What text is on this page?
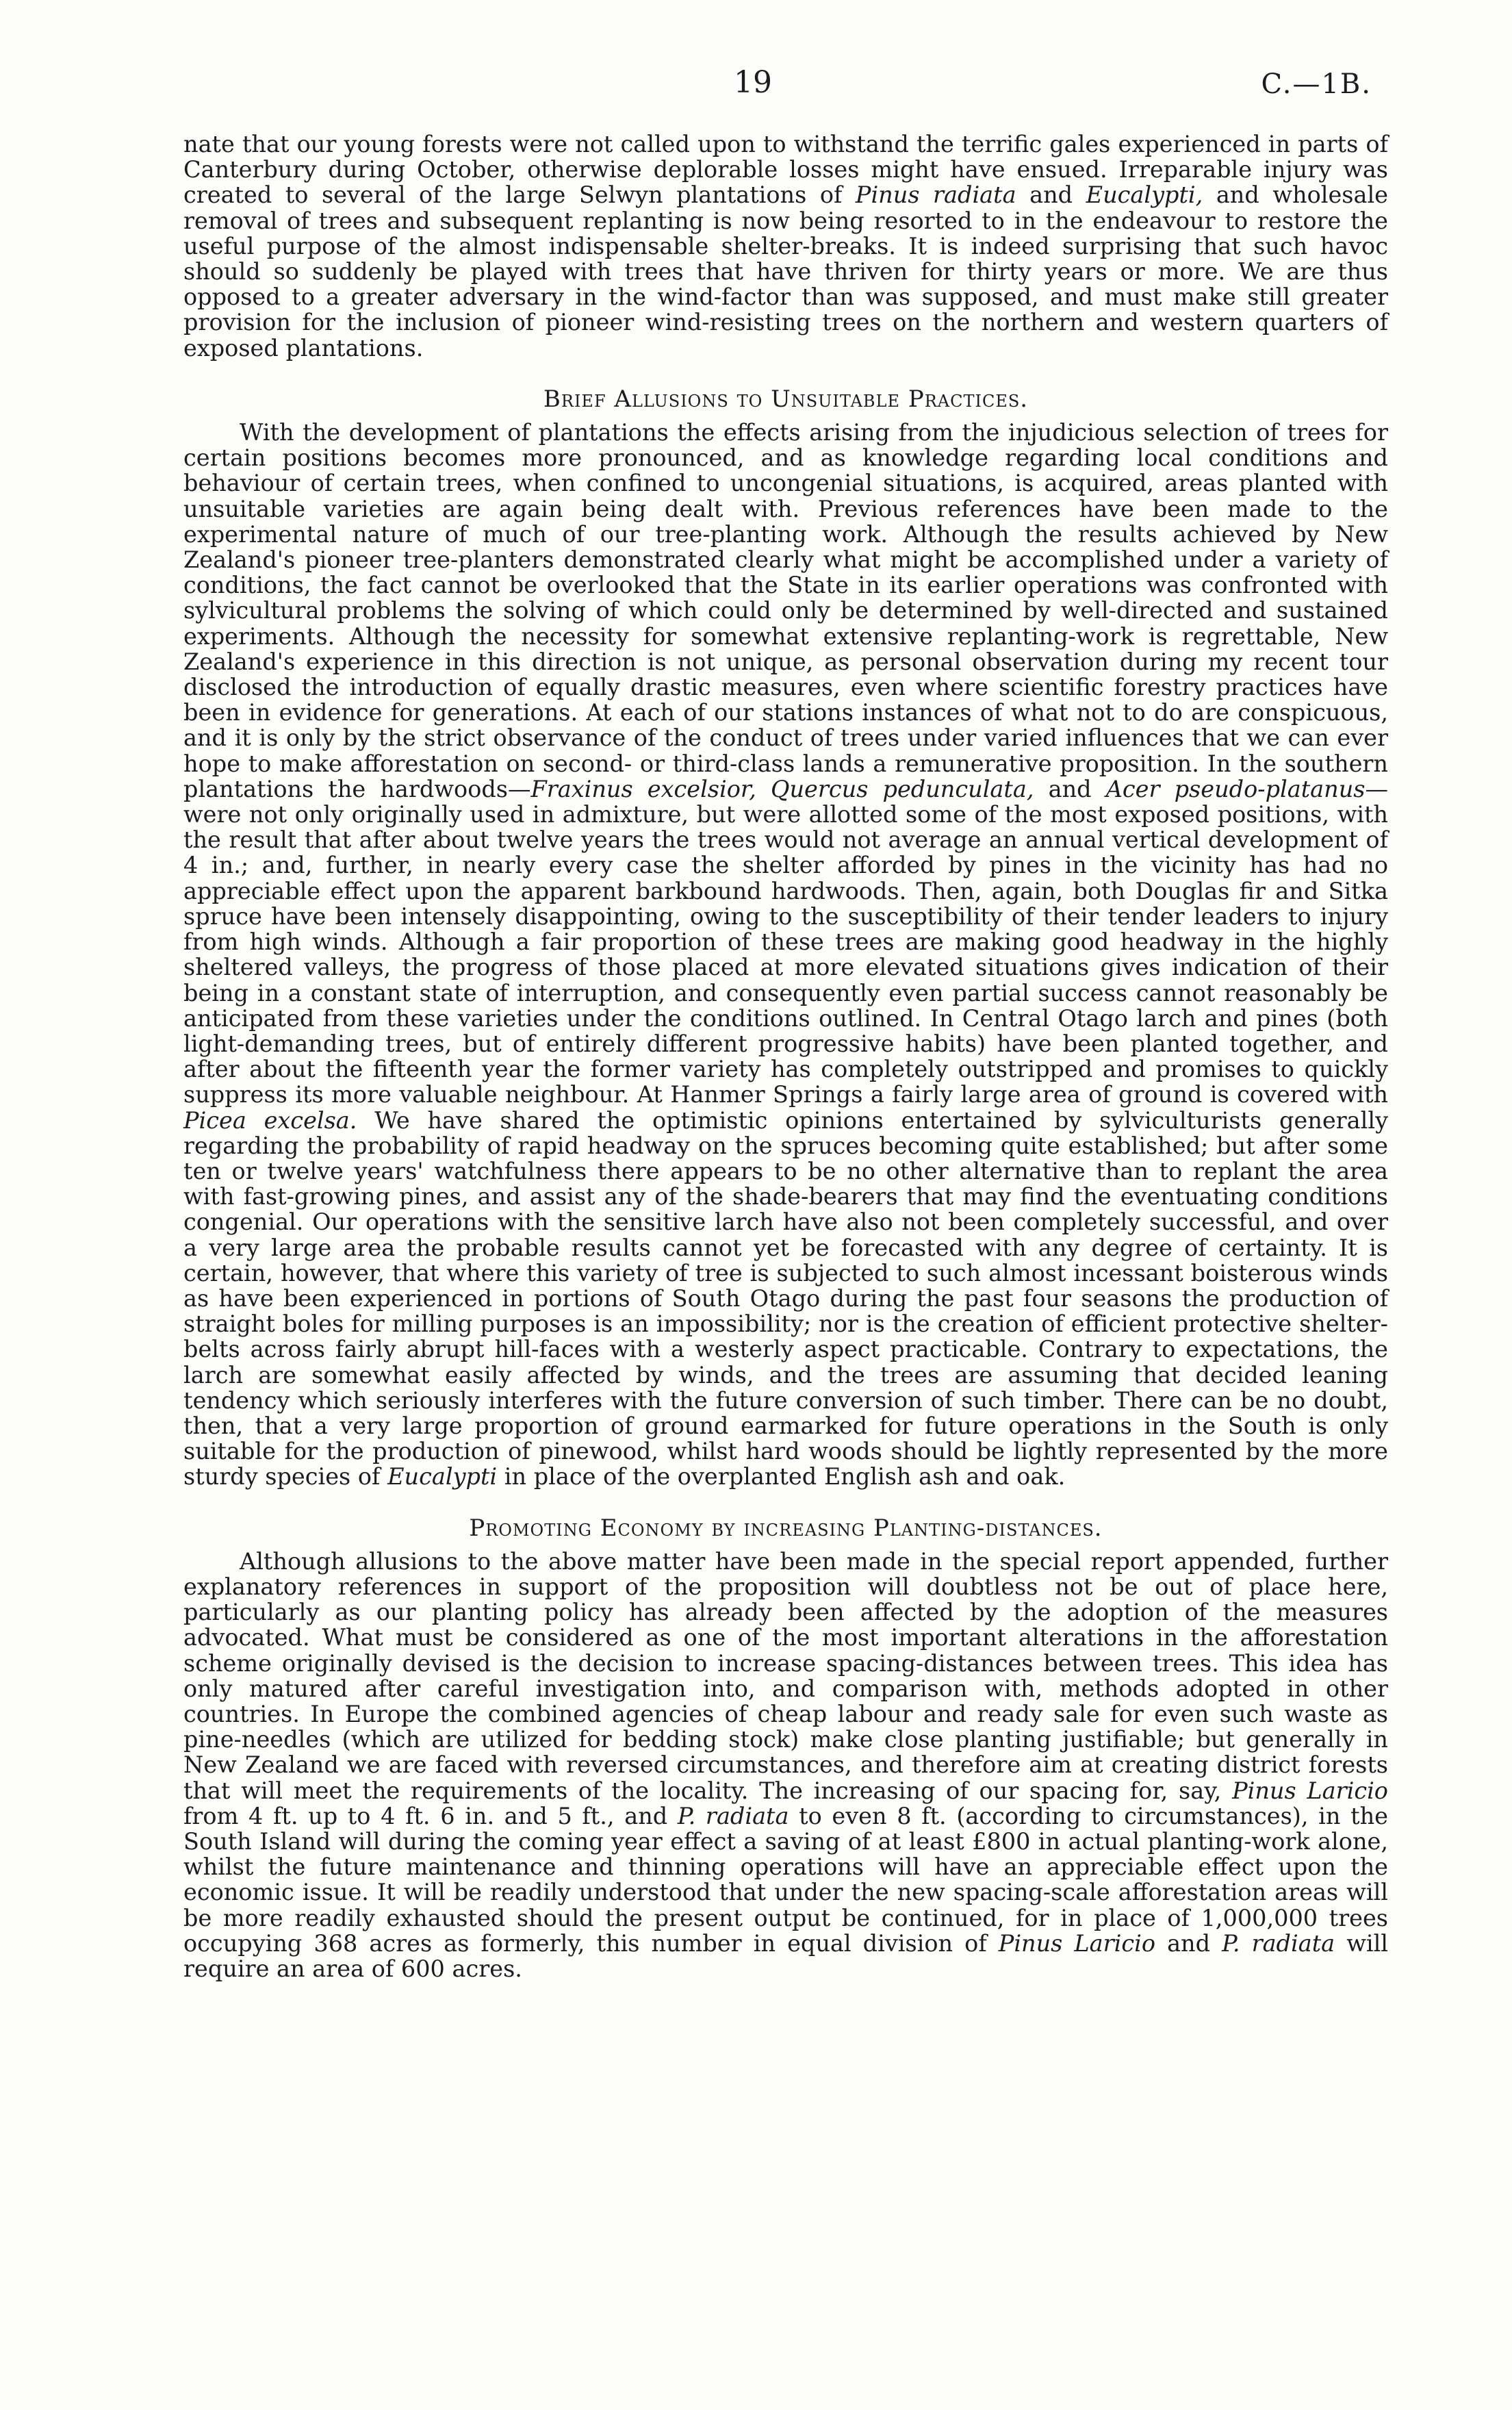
19	C.—1B.

nate that our young forests were not called upon to withstand the terrific gales experienced in parts of Canterbury during October, otherwise deplorable losses might have ensued. Irreparable injury was created to several of the large Selwyn plantations of Pinus radiata and Eucalypti, and wholesale removal of trees and subsequent replanting is now being resorted to in the endeavour to restore the useful purpose of the almost indispensable shelter-breaks. It is indeed surprising that such havoc should so suddenly be played with trees that have thriven for thirty years or more. We are thus opposed to a greater adversary in the wind-factor than was supposed, and must make still greater provision for the inclusion of pioneer wind-resisting trees on the northern and western quarters of exposed plantations.

Brief Allusions to Unsuitable Practices.

With the development of plantations the effects arising from the injudicious selection of trees for certain positions becomes more pronounced, and as knowledge regarding local conditions and behaviour of certain trees, when confined to uncongenial situations, is acquired, areas planted with unsuitable varieties are again being dealt with. Previous references have been made to the experimental nature of much of our tree-planting work. Although the results achieved by New Zealand's pioneer tree-planters demonstrated clearly what might be accomplished under a variety of conditions, the fact cannot be overlooked that the State in its earlier operations was confronted with sylvicultural problems the solving of which could only be determined by well-directed and sustained experiments. Although the necessity for somewhat extensive replanting-work is regrettable, New Zealand's experience in this direction is not unique, as personal observation during my recent tour disclosed the introduction of equally drastic measures, even where scientific forestry practices have been in evidence for generations. At each of our stations instances of what not to do are conspicuous, and it is only by the strict observance of the conduct of trees under varied influences that we can ever hope to make afforestation on second- or third-class lands a remunerative proposition. In the southern plantations the hardwoods—Fraxinus excelsior, Quercus pedunculata, and Acer pseudo-platanus—were not only originally used in admixture, but were allotted some of the most exposed positions, with the result that after about twelve years the trees would not average an annual vertical development of 4 in.; and, further, in nearly every case the shelter afforded by pines in the vicinity has had no appreciable effect upon the apparent barkbound hardwoods. Then, again, both Douglas fir and Sitka spruce have been intensely disappointing, owing to the susceptibility of their tender leaders to injury from high winds. Although a fair proportion of these trees are making good headway in the highly sheltered valleys, the progress of those placed at more elevated situations gives indication of their being in a constant state of interruption, and consequently even partial success cannot reasonably be anticipated from these varieties under the conditions outlined. In Central Otago larch and pines (both light-demanding trees, but of entirely different progressive habits) have been planted together, and after about the fifteenth year the former variety has completely outstripped and promises to quickly suppress its more valuable neighbour. At Hanmer Springs a fairly large area of ground is covered with Picea excelsa. We have shared the optimistic opinions entertained by sylviculturists generally regarding the probability of rapid headway on the spruces becoming quite established; but after some ten or twelve years' watchfulness there appears to be no other alternative than to replant the area with fast-growing pines, and assist any of the shade-bearers that may find the eventuating conditions congenial. Our operations with the sensitive larch have also not been completely successful, and over a very large area the probable results cannot yet be forecasted with any degree of certainty. It is certain, however, that where this variety of tree is subjected to such almost incessant boisterous winds as have been experienced in portions of South Otago during the past four seasons the production of straight boles for milling purposes is an impossibility; nor is the creation of efficient protective shelter-belts across fairly abrupt hill-faces with a westerly aspect practicable. Contrary to expectations, the larch are somewhat easily affected by winds, and the trees are assuming that decided leaning tendency which seriously interferes with the future conversion of such timber. There can be no doubt, then, that a very large proportion of ground earmarked for future operations in the South is only suitable for the production of pinewood, whilst hard woods should be lightly represented by the more sturdy species of Eucalypti in place of the overplanted English ash and oak.

Promoting Economy by increasing Planting-distances.

Although allusions to the above matter have been made in the special report appended, further explanatory references in support of the proposition will doubtless not be out of place here, particularly as our planting policy has already been affected by the adoption of the measures advocated. What must be considered as one of the most important alterations in the afforestation scheme originally devised is the decision to increase spacing-distances between trees. This idea has only matured after careful investigation into, and comparison with, methods adopted in other countries. In Europe the combined agencies of cheap labour and ready sale for even such waste as pine-needles (which are utilized for bedding stock) make close planting justifiable; but generally in New Zealand we are faced with reversed circumstances, and therefore aim at creating district forests that will meet the requirements of the locality. The increasing of our spacing for, say, Pinus Laricio from 4 ft. up to 4 ft. 6 in. and 5 ft., and P. radiata to even 8 ft. (according to circumstances), in the South Island will during the coming year effect a saving of at least £800 in actual planting-work alone, whilst the future maintenance and thinning operations will have an appreciable effect upon the economic issue. It will be readily understood that under the new spacing-scale afforestation areas will be more readily exhausted should the present output be continued, for in place of 1,000,000 trees occupying 368 acres as formerly, this number in equal division of Pinus Laricio and P. radiata will require an area of 600 acres.
